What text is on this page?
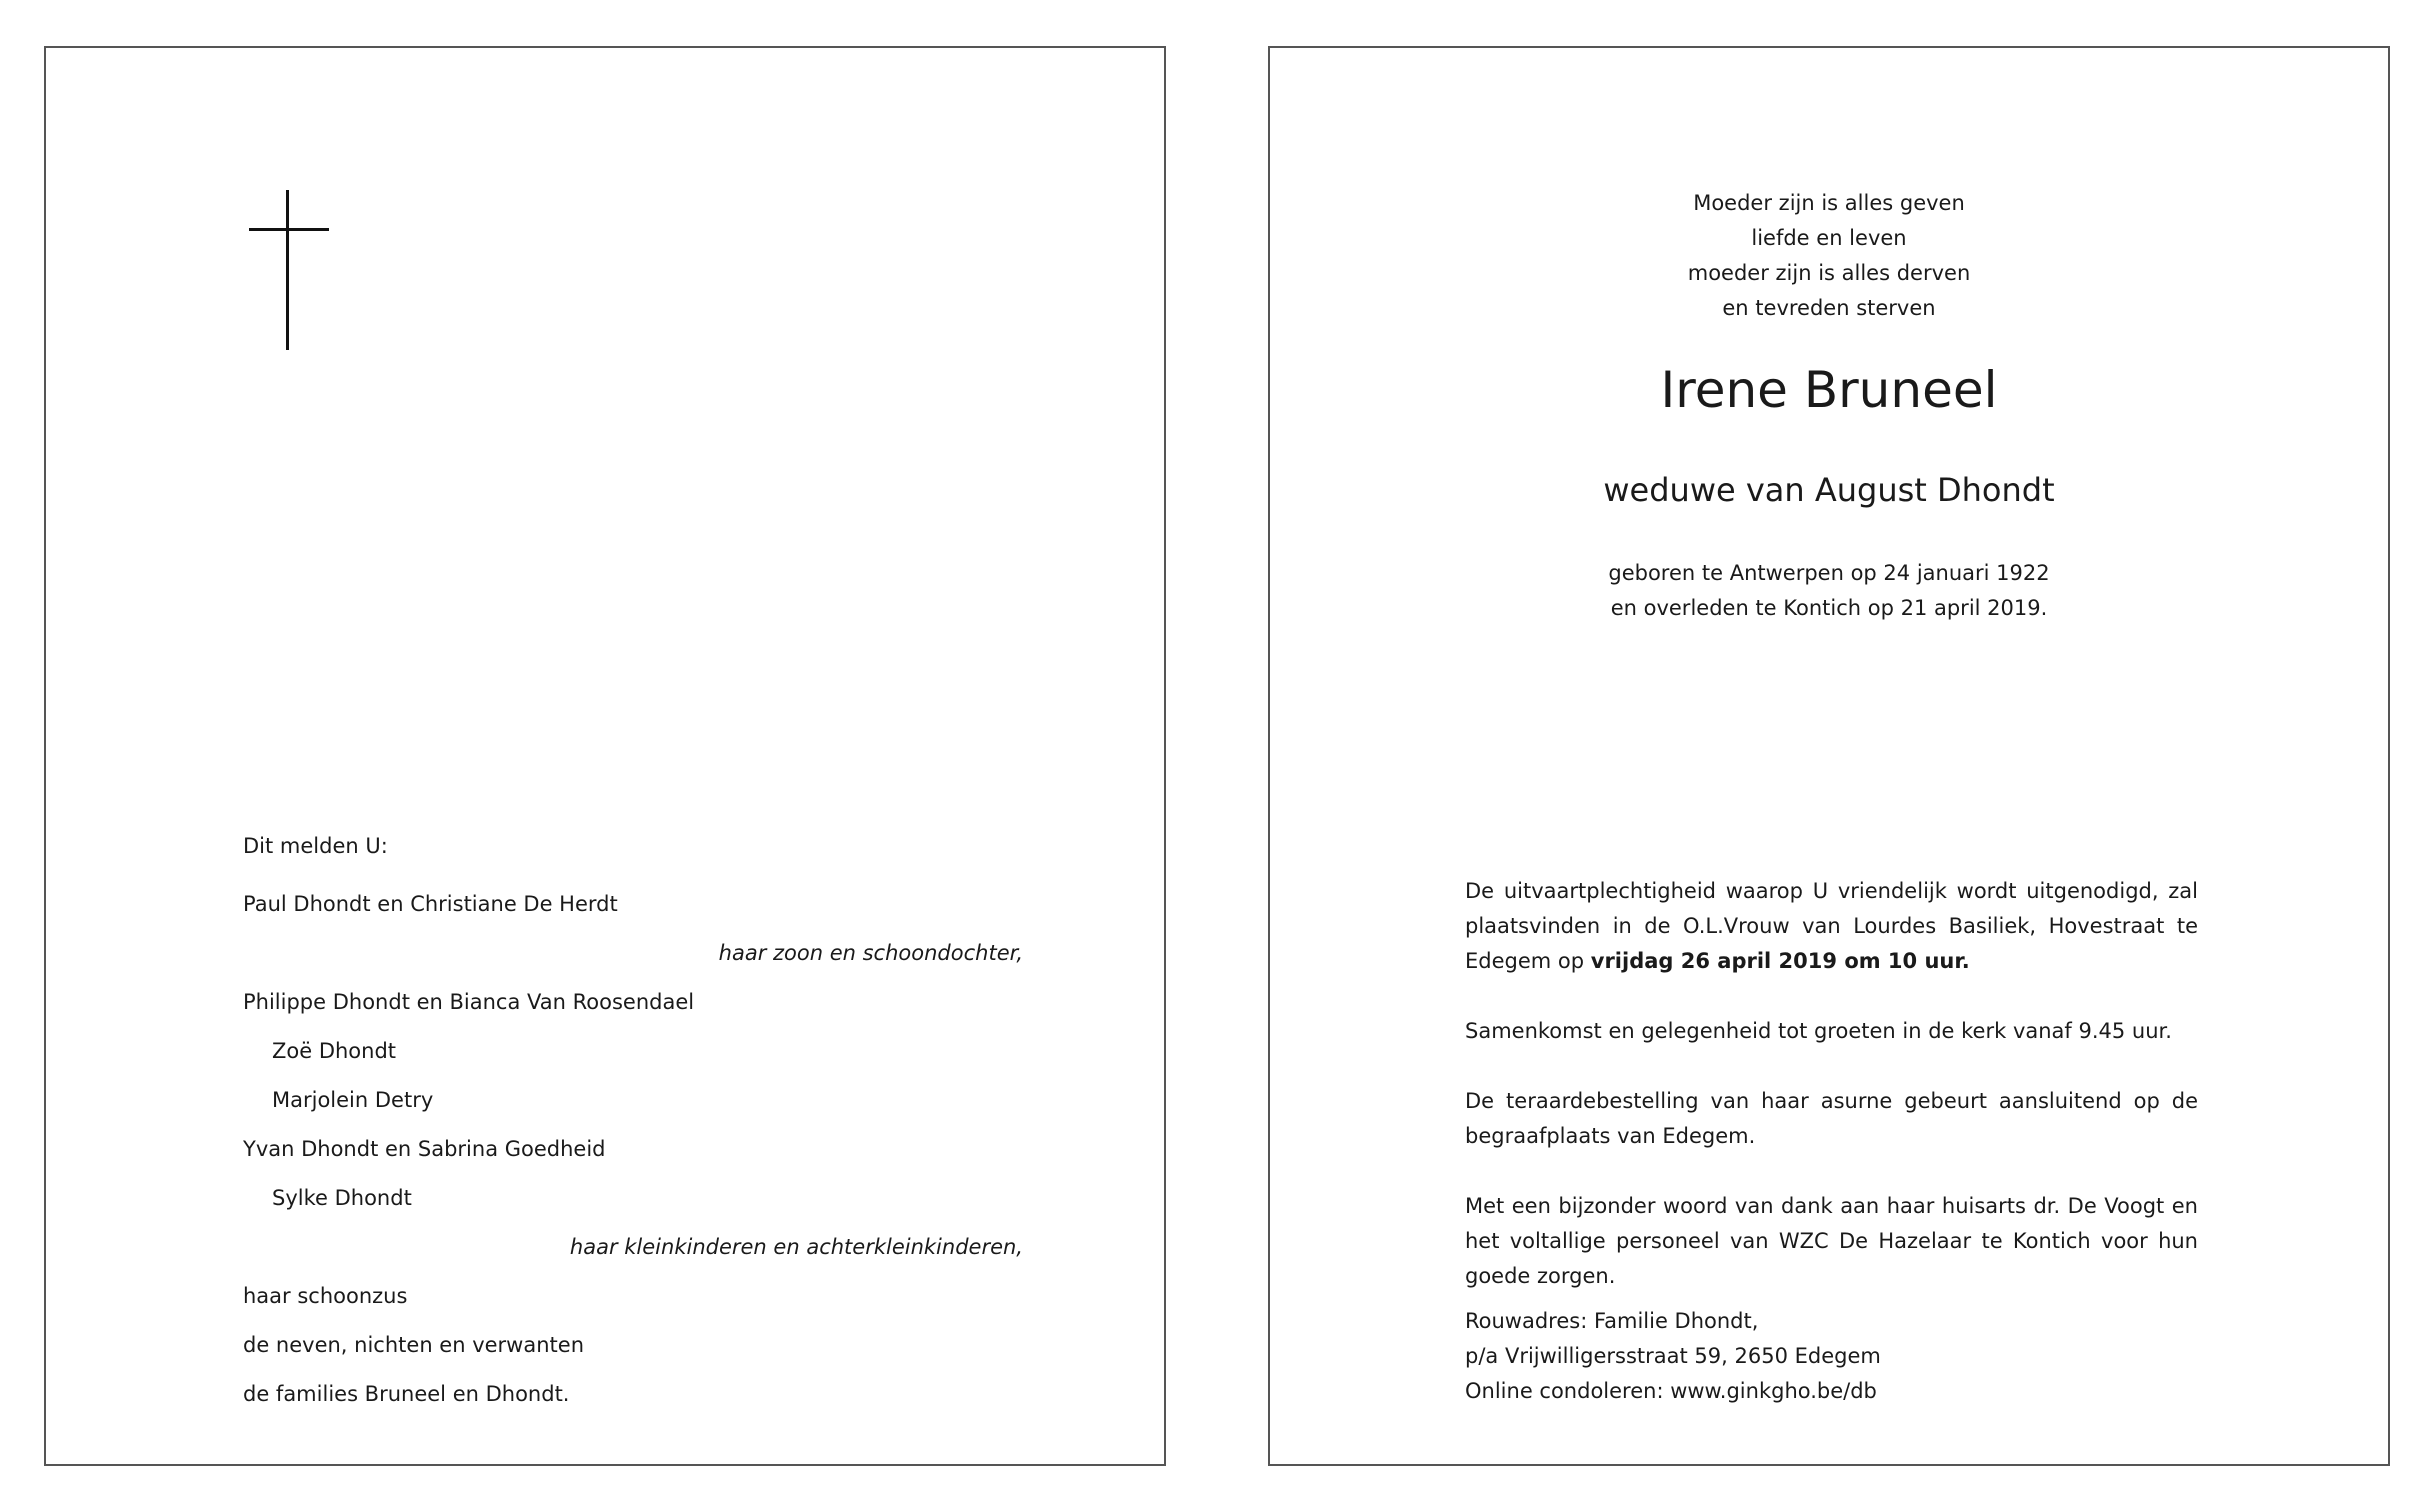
Dit melden U:
Paul Dhondt en Christiane De Herdt
haar zoon en schoondochter,
Philippe Dhondt en Bianca Van Roosendael
Zoë Dhondt
Marjolein Detry
Yvan Dhondt en Sabrina Goedheid
Sylke Dhondt
haar kleinkinderen en achterkleinkinderen,
haar schoonzus
de neven, nichten en verwanten
de families Bruneel en Dhondt.
Moeder zijn is alles geven
liefde en leven
moeder zijn is alles derven
en tevreden sterven
Irene Bruneel
weduwe van August Dhondt
geboren te Antwerpen op 24 januari 1922
en overleden te Kontich op 21 april 2019.
De uitvaartplechtigheid waarop U vriendelijk wordt uitgenodigd, zal plaatsvinden in de O.L.Vrouw van Lourdes Basiliek, Hovestraat te Edegem op vrijdag 26 april 2019 om 10 uur.
Samenkomst en gelegenheid tot groeten in de kerk vanaf 9.45 uur.
De teraardebestelling van haar asurne gebeurt aansluitend op de begraafplaats van Edegem.
Met een bijzonder woord van dank aan haar huisarts dr. De Voogt en het voltallige personeel van WZC De Hazelaar te Kontich voor hun goede zorgen.
Rouwadres: Familie Dhondt,
p/a Vrijwilligersstraat 59, 2650 Edegem
Online condoleren: www.ginkgho.be/db
